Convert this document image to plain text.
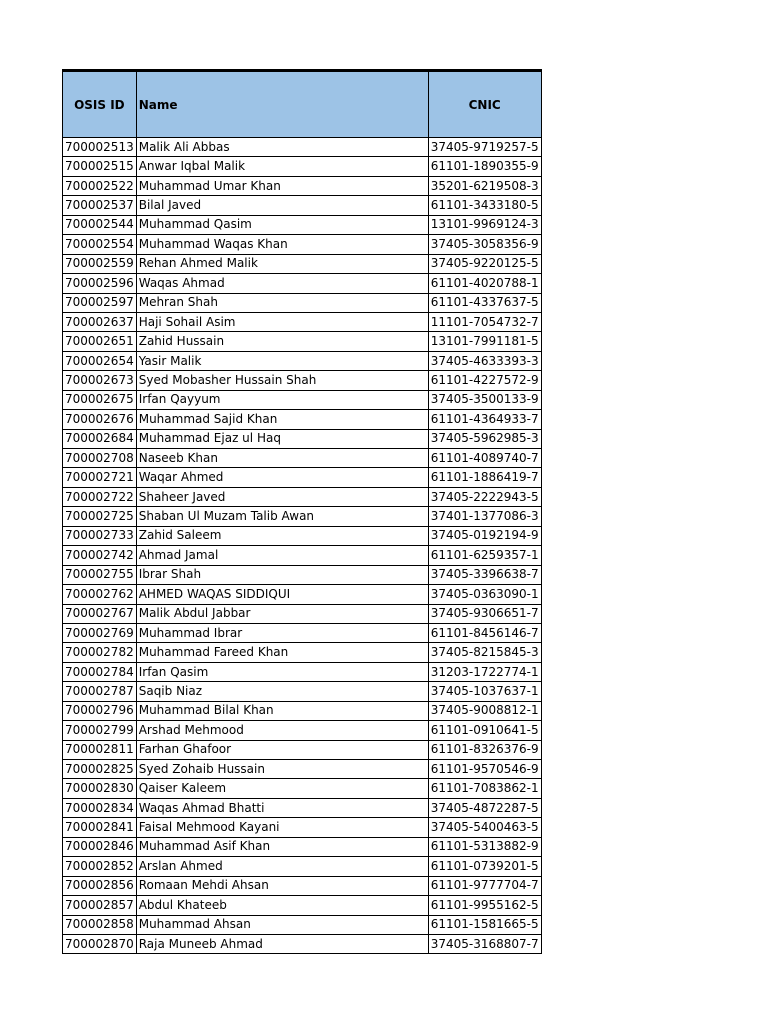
OSIS ID	Name	CNIC
700002513	Malik Ali Abbas	37405-9719257-5
700002515	Anwar Iqbal Malik	61101-1890355-9
700002522	Muhammad Umar Khan	35201-6219508-3
700002537	Bilal Javed	61101-3433180-5
700002544	Muhammad Qasim	13101-9969124-3
700002554	Muhammad Waqas Khan	37405-3058356-9
700002559	Rehan Ahmed Malik	37405-9220125-5
700002596	Waqas Ahmad	61101-4020788-1
700002597	Mehran Shah	61101-4337637-5
700002637	Haji Sohail Asim	11101-7054732-7
700002651	Zahid Hussain	13101-7991181-5
700002654	Yasir Malik	37405-4633393-3
700002673	Syed Mobasher Hussain Shah	61101-4227572-9
700002675	Irfan Qayyum	37405-3500133-9
700002676	Muhammad Sajid Khan	61101-4364933-7
700002684	Muhammad Ejaz ul Haq	37405-5962985-3
700002708	Naseeb Khan	61101-4089740-7
700002721	Waqar Ahmed	61101-1886419-7
700002722	Shaheer Javed	37405-2222943-5
700002725	Shaban Ul Muzam Talib Awan	37401-1377086-3
700002733	Zahid Saleem	37405-0192194-9
700002742	Ahmad Jamal	61101-6259357-1
700002755	Ibrar Shah	37405-3396638-7
700002762	AHMED WAQAS SIDDIQUI	37405-0363090-1
700002767	Malik Abdul Jabbar	37405-9306651-7
700002769	Muhammad Ibrar	61101-8456146-7
700002782	Muhammad Fareed Khan	37405-8215845-3
700002784	Irfan Qasim	31203-1722774-1
700002787	Saqib Niaz	37405-1037637-1
700002796	Muhammad Bilal Khan	37405-9008812-1
700002799	Arshad Mehmood	61101-0910641-5
700002811	Farhan Ghafoor	61101-8326376-9
700002825	Syed Zohaib Hussain	61101-9570546-9
700002830	Qaiser Kaleem	61101-7083862-1
700002834	Waqas Ahmad Bhatti	37405-4872287-5
700002841	Faisal Mehmood Kayani	37405-5400463-5
700002846	Muhammad Asif Khan	61101-5313882-9
700002852	Arslan Ahmed	61101-0739201-5
700002856	Romaan Mehdi Ahsan	61101-9777704-7
700002857	Abdul Khateeb	61101-9955162-5
700002858	Muhammad Ahsan	61101-1581665-5
700002870	Raja Muneeb Ahmad	37405-3168807-7
